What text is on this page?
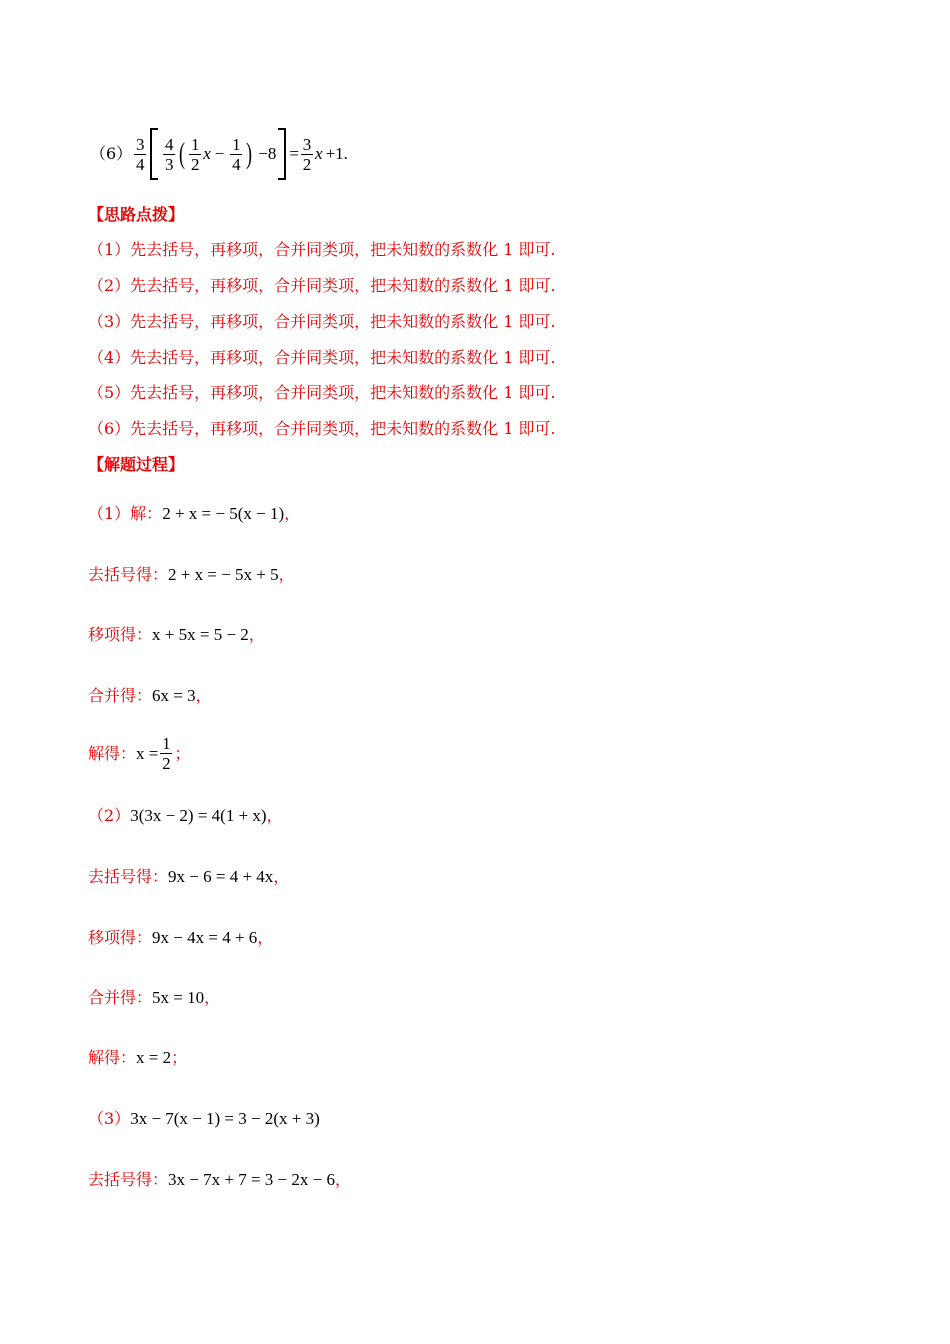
$(6) \frac{3}{4} \frac{4}{3}$ ( $\frac{1}{2}$ $x - \frac{1}{4}$ ) $-8 = \frac{3}{2}$ x +1.
【思路点拨】
（1）先去括号，再移项，合并同类项，把未知数的系数化 1 即可.
（2）先去括号，再移项，合并同类项，把未知数的系数化 1 即可.
（3）先去括号，再移项，合并同类项，把未知数的系数化 1 即可.
（4）先去括号，再移项，合并同类项，把未知数的系数化 1 即可.
（5）先去括号，再移项，合并同类项，把未知数的系数化 1 即可.
（6）先去括号，再移项，合并同类项，把未知数的系数化 1 即可.
【解题过程】
（1）解：2 + x = − 5(x − 1)，
去括号得：2 + x = − 5x + 5，
移项得：x + 5x = 5 − 2，
合并得：6x = 3，
解得： $x = \frac{1}{2}$ ；
（2）3(3x − 2) = 4(1 + x)，
去括号得：9x − 6 = 4 + 4x，
移项得：9x − 4x = 4 + 6，
合并得：5x = 10，
解得：x = 2；
（3）3x − 7(x − 1) = 3 − 2(x + 3)
去括号得：3x − 7x + 7 = 3 − 2x − 6，
